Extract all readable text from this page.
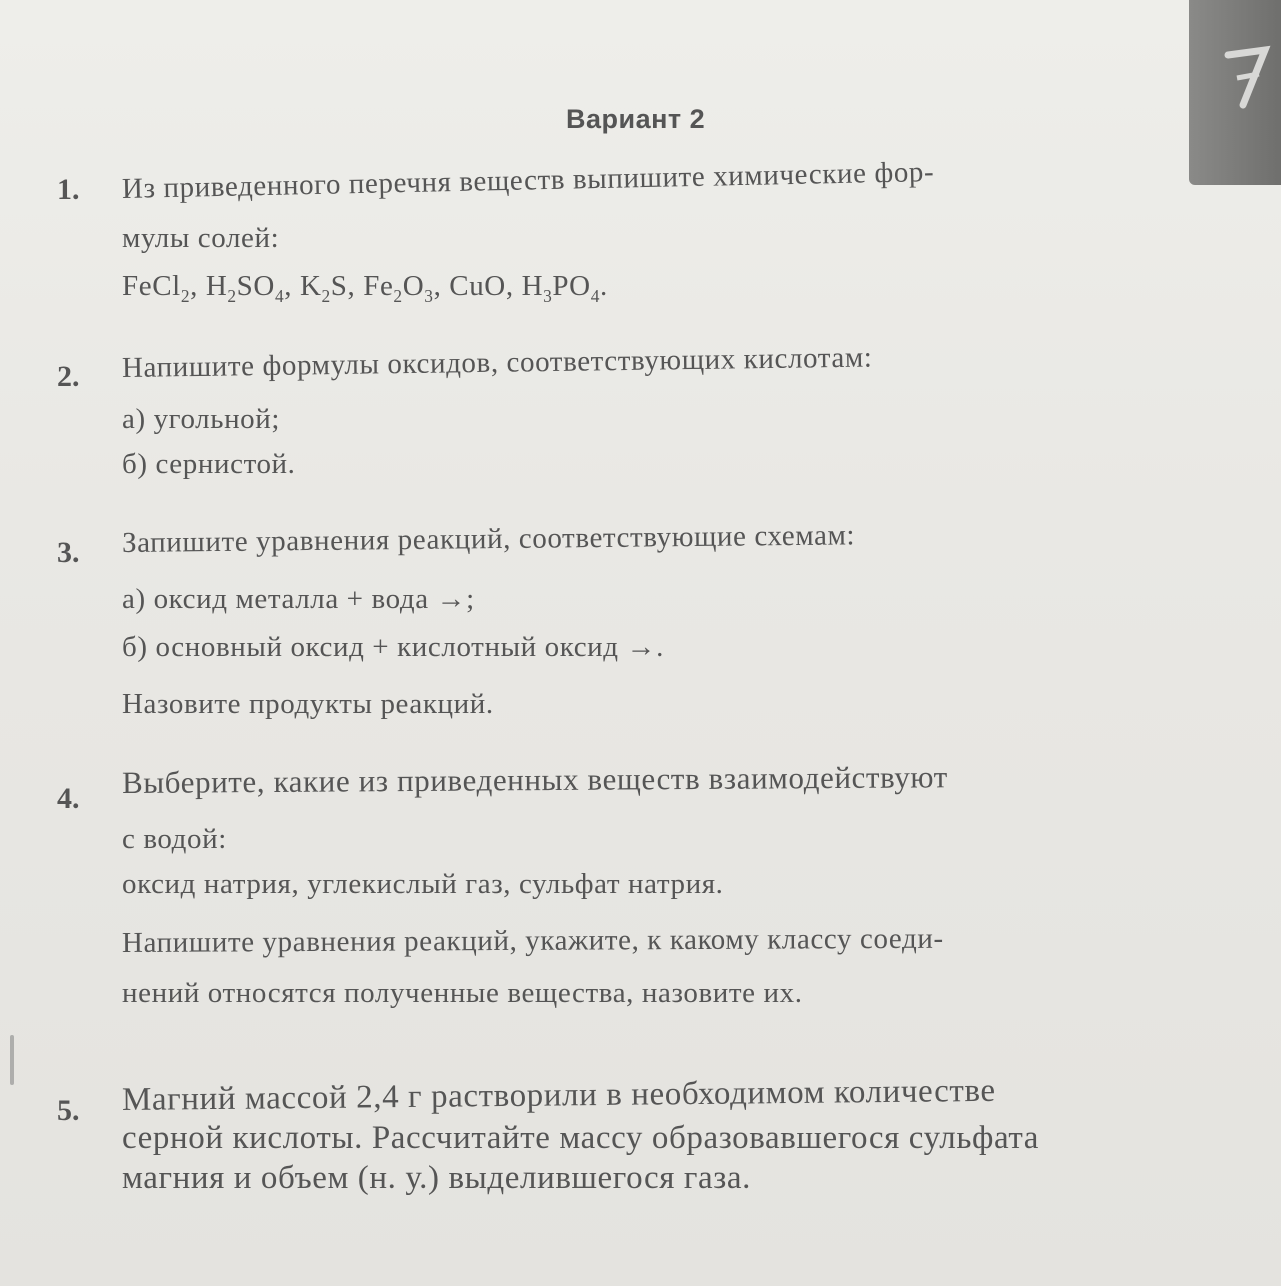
Вариант 2
1. Из приведенного перечня веществ выпишите химические фор-
мулы солей:
FeCl$_2$, $H_2SO_4$, $K_2S$, $Fe_2O_3$, CuO, $H_3PO_4$.
2. Напишите формулы оксидов, соответствующих кислотам:
а) угольной;
б) сернистой.
3. Запишите уравнения реакций, соответствующие схемам:
а) оксид металла + вода →;
б) основный оксид + кислотный оксид →.
Назовите продукты реакций.
4. Выберите, какие из приведенных веществ взаимодействуют
с водой:
оксид натрия, углекислый газ, сульфат натрия.
Напишите уравнения реакций, укажите, к какому классу соеди-
нений относятся полученные вещества, назовите их.
5. Магний массой 2,4 г растворили в необходимом количестве
серной кислоты. Рассчитайте массу образовавшегося сульфата
магния и объем (н. у.) выделившегося газа.
